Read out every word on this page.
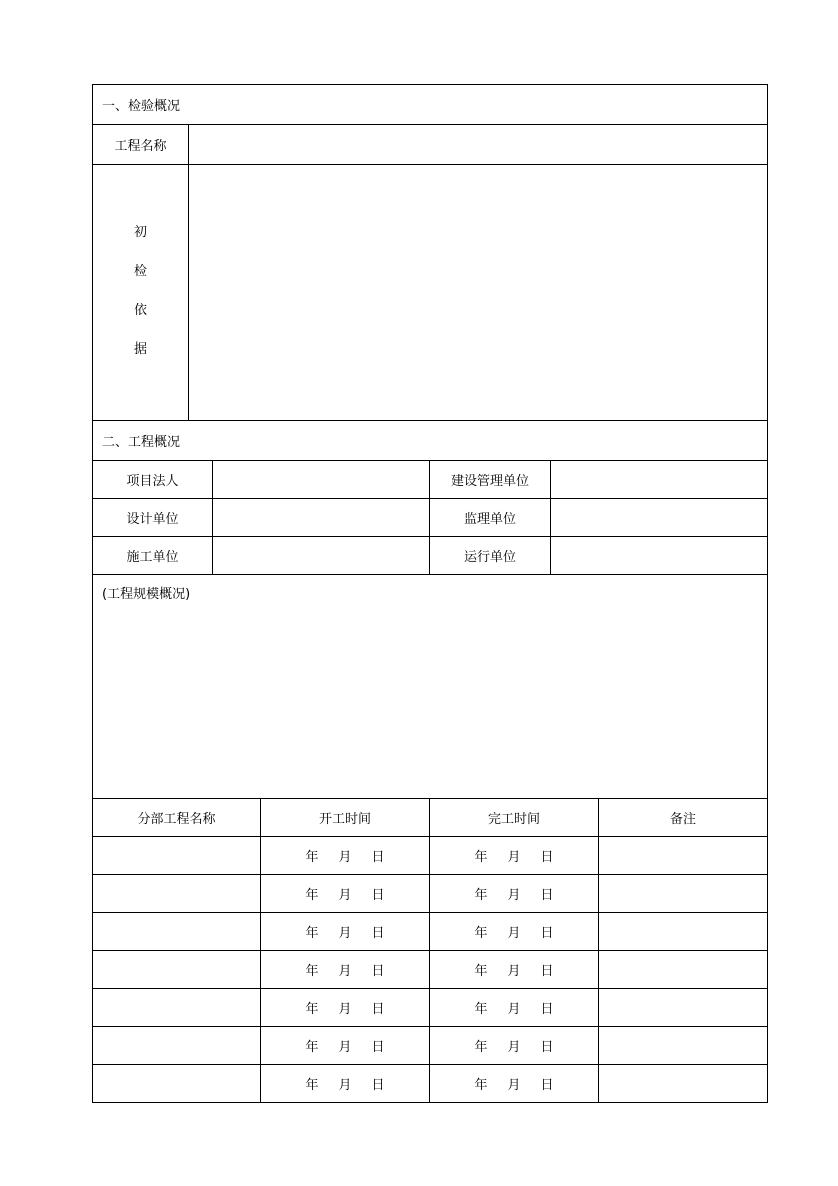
一、检验概况						
工程名称						

初
检
依
据						

二、工程概况						
项目法人				建设管理单位		
设计单位				监理单位		
施工单位				运行单位		
(工程规模概况)						
分部工程名称			开工时间	完工时间		备注
			年 月 日	年 月 日		
			年 月 日	年 月 日		
			年 月 日	年 月 日		
			年 月 日	年 月 日		
			年 月 日	年 月 日		
			年 月 日	年 月 日		
			年 月 日	年 月 日		
